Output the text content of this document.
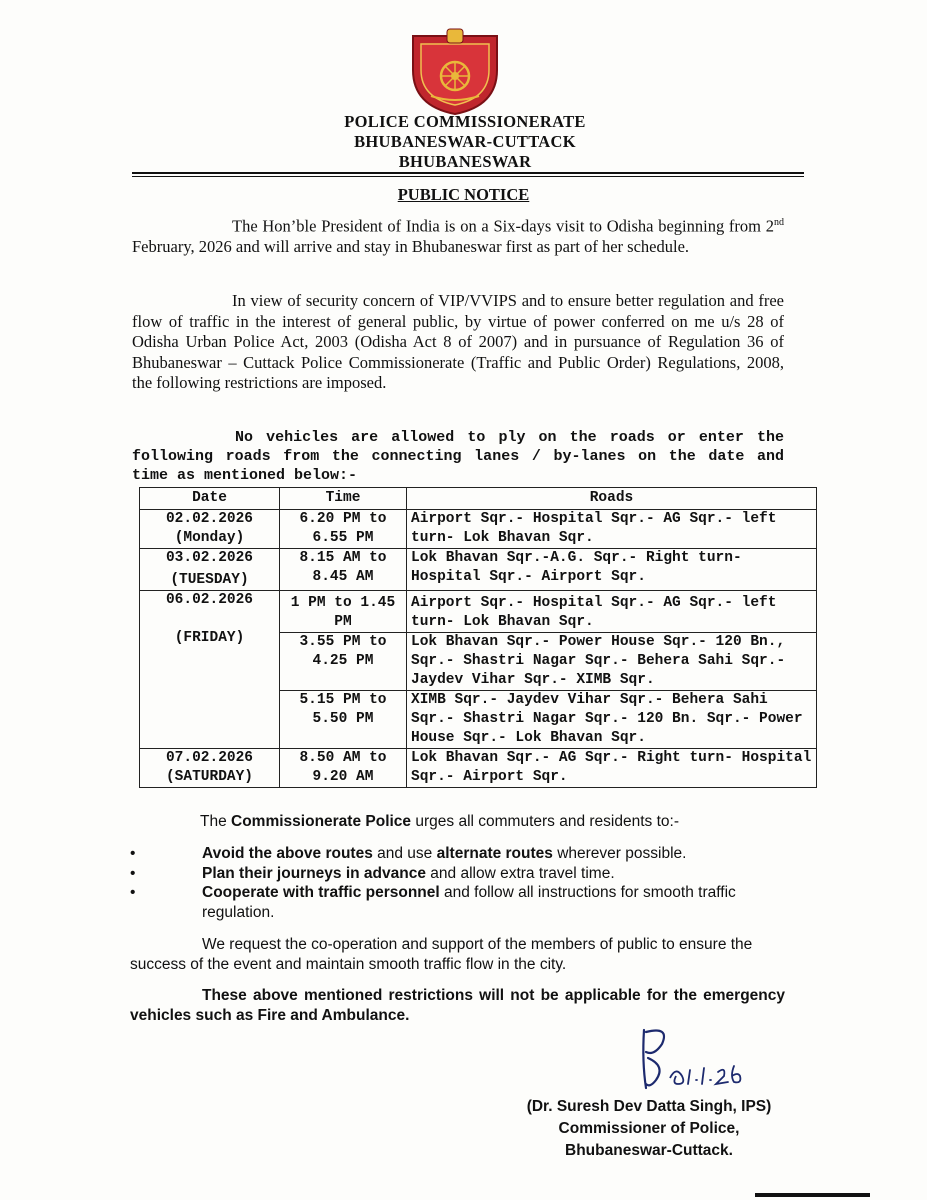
POLICE COMMISSIONERATE
BHUBANESWAR-CUTTACK
BHUBANESWAR
PUBLIC NOTICE
The Hon’ble President of India is on a Six-days visit to Odisha beginning from 2nd February, 2026 and will arrive and stay in Bhubaneswar first as part of her schedule.
In view of security concern of VIP/VVIPS and to ensure better regulation and free flow of traffic in the interest of general public, by virtue of power conferred on me u/s 28 of Odisha Urban Police Act, 2003 (Odisha Act 8 of 2007) and in pursuance of Regulation 36 of Bhubaneswar – Cuttack Police Commissionerate (Traffic and Public Order) Regulations, 2008, the following restrictions are imposed.
No vehicles are allowed to ply on the roads or enter the following roads from the connecting lanes / by-lanes on the date and time as mentioned below:-
Date	Time	Roads

02.02.2026
(Monday)	6.20 PM to 6.55 PM	Airport Sqr.- Hospital Sqr.- AG Sqr.- left turn- Lok Bhavan Sqr.

03.02.2026
(TUESDAY)	8.15 AM to 8.45 AM	Lok Bhavan Sqr.-A.G. Sqr.- Right turn- Hospital Sqr.- Airport Sqr.

06.02.2026
(FRIDAY)	1 PM to 1.45 PM	Airport Sqr.- Hospital Sqr.- AG Sqr.- left turn- Lok Bhavan Sqr.
	3.55 PM to 4.25 PM	Lok Bhavan Sqr.- Power House Sqr.- 120 Bn., Sqr.- Shastri Nagar Sqr.- Behera Sahi Sqr.- Jaydev Vihar Sqr.- XIMB Sqr.
	5.15 PM to 5.50 PM	XIMB Sqr.- Jaydev Vihar Sqr.- Behera Sahi Sqr.- Shastri Nagar Sqr.- 120 Bn. Sqr.- Power House Sqr.- Lok Bhavan Sqr.

07.02.2026
(SATURDAY)	8.50 AM to 9.20 AM	Lok Bhavan Sqr.- AG Sqr.- Right turn- Hospital Sqr.- Airport Sqr.
The Commissionerate Police urges all commuters and residents to:-
•	Avoid the above routes and use alternate routes wherever possible.
•	Plan their journeys in advance and allow extra travel time.
•	Cooperate with traffic personnel and follow all instructions for smooth traffic regulation.
We request the co-operation and support of the members of public to ensure the success of the event and maintain smooth traffic flow in the city.
These above mentioned restrictions will not be applicable for the emergency vehicles such as Fire and Ambulance.
(Dr. Suresh Dev Datta Singh, IPS)
Commissioner of Police,
Bhubaneswar-Cuttack.
